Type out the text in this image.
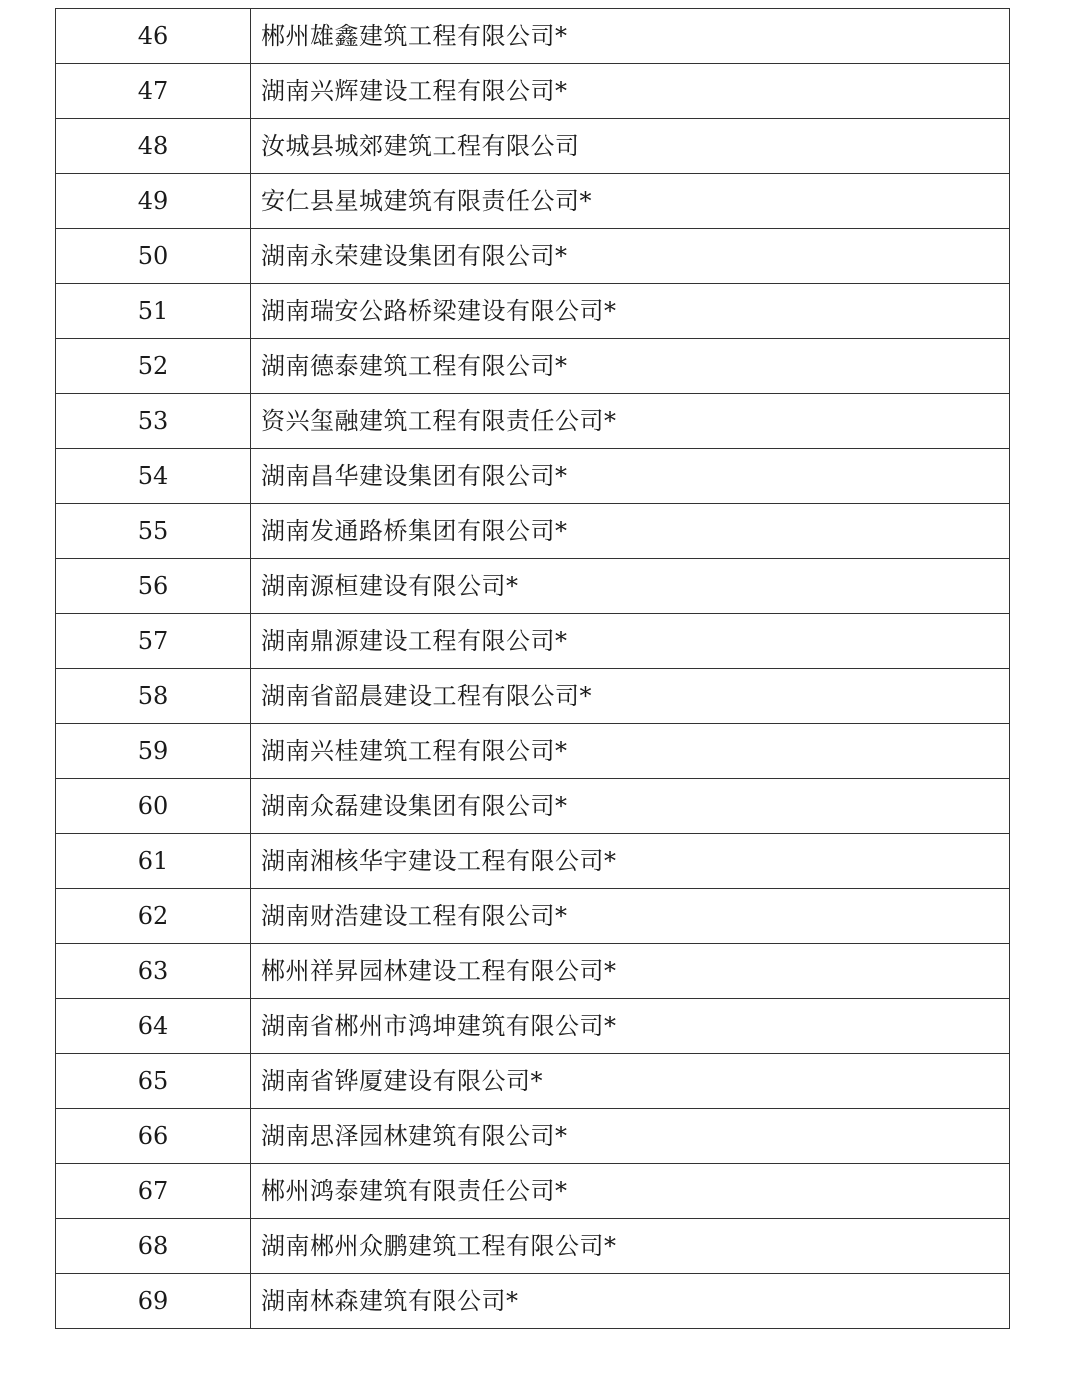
46	郴州雄鑫建筑工程有限公司*
47	湖南兴辉建设工程有限公司*
48	汝城县城郊建筑工程有限公司
49	安仁县星城建筑有限责任公司*
50	湖南永荣建设集团有限公司*
51	湖南瑞安公路桥梁建设有限公司*
52	湖南德泰建筑工程有限公司*
53	资兴玺融建筑工程有限责任公司*
54	湖南昌华建设集团有限公司*
55	湖南发通路桥集团有限公司*
56	湖南源桓建设有限公司*
57	湖南鼎源建设工程有限公司*
58	湖南省韶晨建设工程有限公司*
59	湖南兴桂建筑工程有限公司*
60	湖南众磊建设集团有限公司*
61	湖南湘核华宇建设工程有限公司*
62	湖南财浩建设工程有限公司*
63	郴州祥昇园林建设工程有限公司*
64	湖南省郴州市鸿坤建筑有限公司*
65	湖南省铧厦建设有限公司*
66	湖南思泽园林建筑有限公司*
67	郴州鸿泰建筑有限责任公司*
68	湖南郴州众鹏建筑工程有限公司*
69	湖南林森建筑有限公司*
